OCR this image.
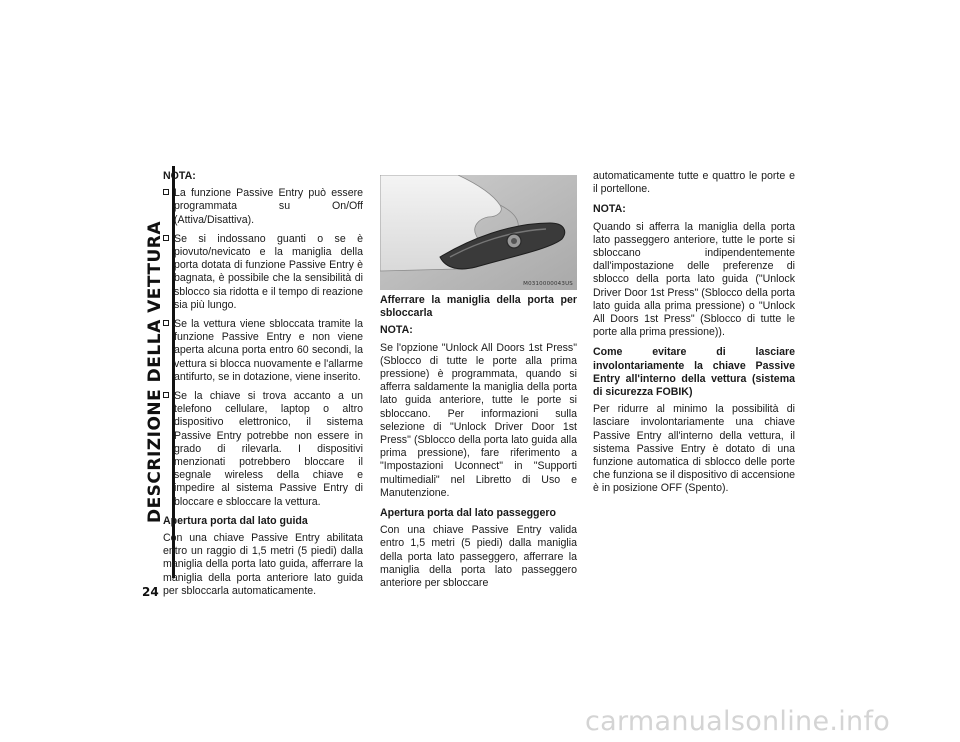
DESCRIZIONE DELLA VETTURA
24
NOTA:
La funzione Passive Entry può essere programmata su On/Off (Attiva/Disattiva).
Se si indossano guanti o se è piovuto/nevicato e la maniglia della porta dotata di funzione Passive Entry è bagnata, è possibile che la sensibilità di sblocco sia ridotta e il tempo di reazione sia più lungo.
Se la vettura viene sbloccata tramite la funzione Passive Entry e non viene aperta alcuna porta entro 60 secondi, la vettura si blocca nuovamente e l'allarme antifurto, se in dotazione, viene inserito.
Se la chiave si trova accanto a un telefono cellulare, laptop o altro dispositivo elettronico, il sistema Passive Entry potrebbe non essere in grado di rilevarla. I dispositivi menzionati potrebbero bloccare il segnale wireless della chiave e impedire al sistema Passive Entry di bloccare e sbloccare la vettura.
Apertura porta dal lato guida

Con una chiave Passive Entry abilitata entro un raggio di 1,5 metri (5 piedi) dalla maniglia della porta lato guida, afferrare la maniglia della porta anteriore lato guida per sbloccarla automaticamente.

M0310000043US
Afferrare la maniglia della porta per sbloccarla
NOTA:

Se l'opzione "Unlock All Doors 1st Press" (Sblocco di tutte le porte alla prima pressione) è programmata, quando si afferra saldamente la maniglia della porta lato guida anteriore, tutte le porte si sbloccano. Per informazioni sulla selezione di "Unlock Driver Door 1st Press" (Sblocco della porta lato guida alla prima pressione), fare riferimento a "Impostazioni Uconnect" in "Supporti multimediali" nel Libretto di Uso e Manutenzione.

Apertura porta dal lato passeggero

Con una chiave Passive Entry valida entro 1,5 metri (5 piedi) dalla maniglia della porta lato passeggero, afferrare la maniglia della porta lato passeggero anteriore per sbloccare

automaticamente tutte e quattro le porte e il portellone.

NOTA:

Quando si afferra la maniglia della porta lato passeggero anteriore, tutte le porte si sbloccano indipendentemente dall'impostazione delle preferenze di sblocco della porta lato guida ("Unlock Driver Door 1st Press" (Sblocco della porta lato guida alla prima pressione) o "Unlock All Doors 1st Press" (Sblocco di tutte le porte alla prima pressione)).

Come evitare di lasciare involontariamente la chiave Passive Entry all'interno della vettura (sistema di sicurezza FOBIK)

Per ridurre al minimo la possibilità di lasciare involontariamente una chiave Passive Entry all'interno della vettura, il sistema Passive Entry è dotato di una funzione automatica di sblocco delle porte che funziona se il dispositivo di accensione è in posizione OFF (Spento).

carmanualsonline.info
